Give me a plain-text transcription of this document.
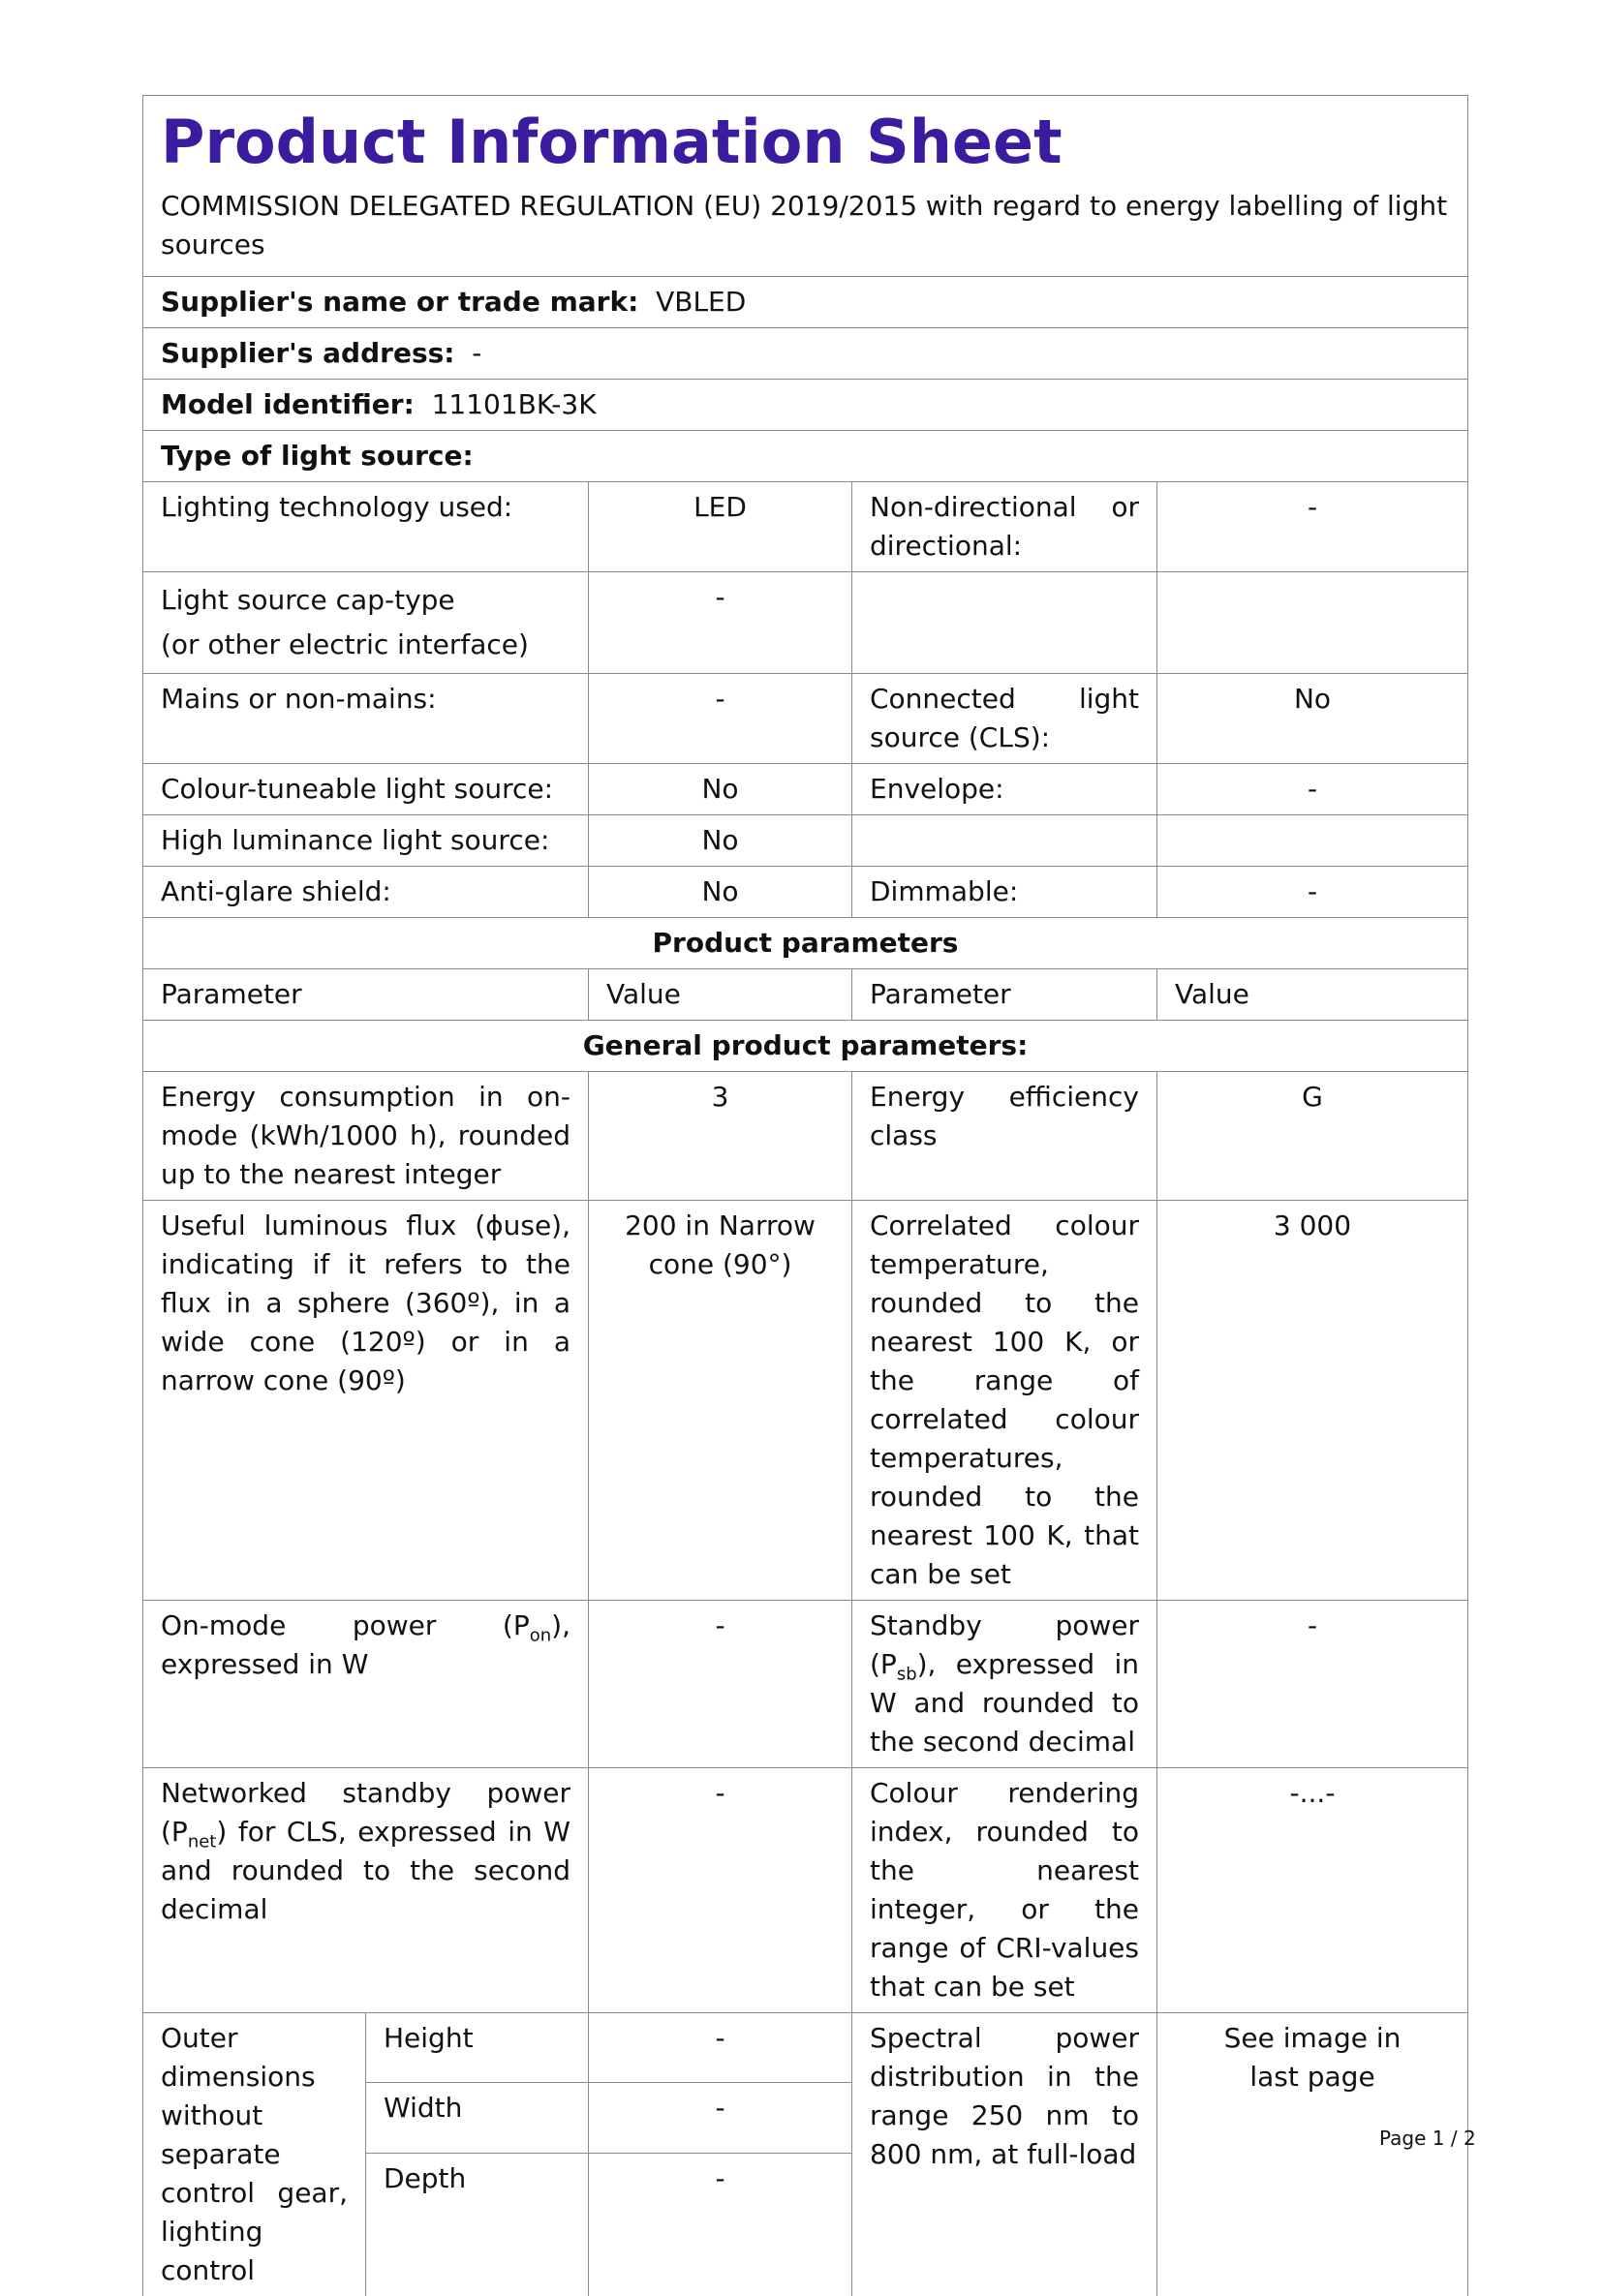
Product Information Sheet
COMMISSION DELEGATED REGULATION (EU) 2019/2015 with regard to energy labelling of light sources				

Supplier's name or trade mark: VBLED				
Supplier's address: -				
Model identifier: 11101BK-3K				
Type of light source:				
Lighting technology used:		LED	Non-directional or directional:	-

Light source cap-type
(or other electric interface)		-		
Mains or non-mains:		-	Connected light source (CLS):	No
Colour-tuneable light source:		No	Envelope:	-
High luminance light source:		No		
Anti-glare shield:		No	Dimmable:	-
Product parameters				
Parameter		Value	Parameter	Value
General product parameters:				
Energy consumption in on-mode (kWh/1000 h), rounded up to the nearest integer		3	Energy efficiency class	G
Useful luminous flux (ɸuse), indicating if it refers to the flux in a sphere (360º), in a wide cone (120º) or in a narrow cone (90º)		200 in Narrow cone (90°)	Correlated colour temperature, rounded to the nearest 100 K, or the range of correlated colour temperatures, rounded to the nearest 100 K, that can be set	3 000
On-mode power $(P_{on})$, expressed in W		-	Standby power $(P_{sb})$, expressed in W and rounded to the second decimal	-
Networked standby power $(P_{net})$ for CLS, expressed in W and rounded to the second decimal		-	Colour rendering index, rounded to the nearest integer, or the range of CRI-values that can be set	-...-
Outer dimensions without separate control gear, lighting control	Height	-	Spectral power distribution in the range 250 nm to 800 nm, at full-load	See image in last page
	Width	-		
	Depth	-		
Page 1 / 2
